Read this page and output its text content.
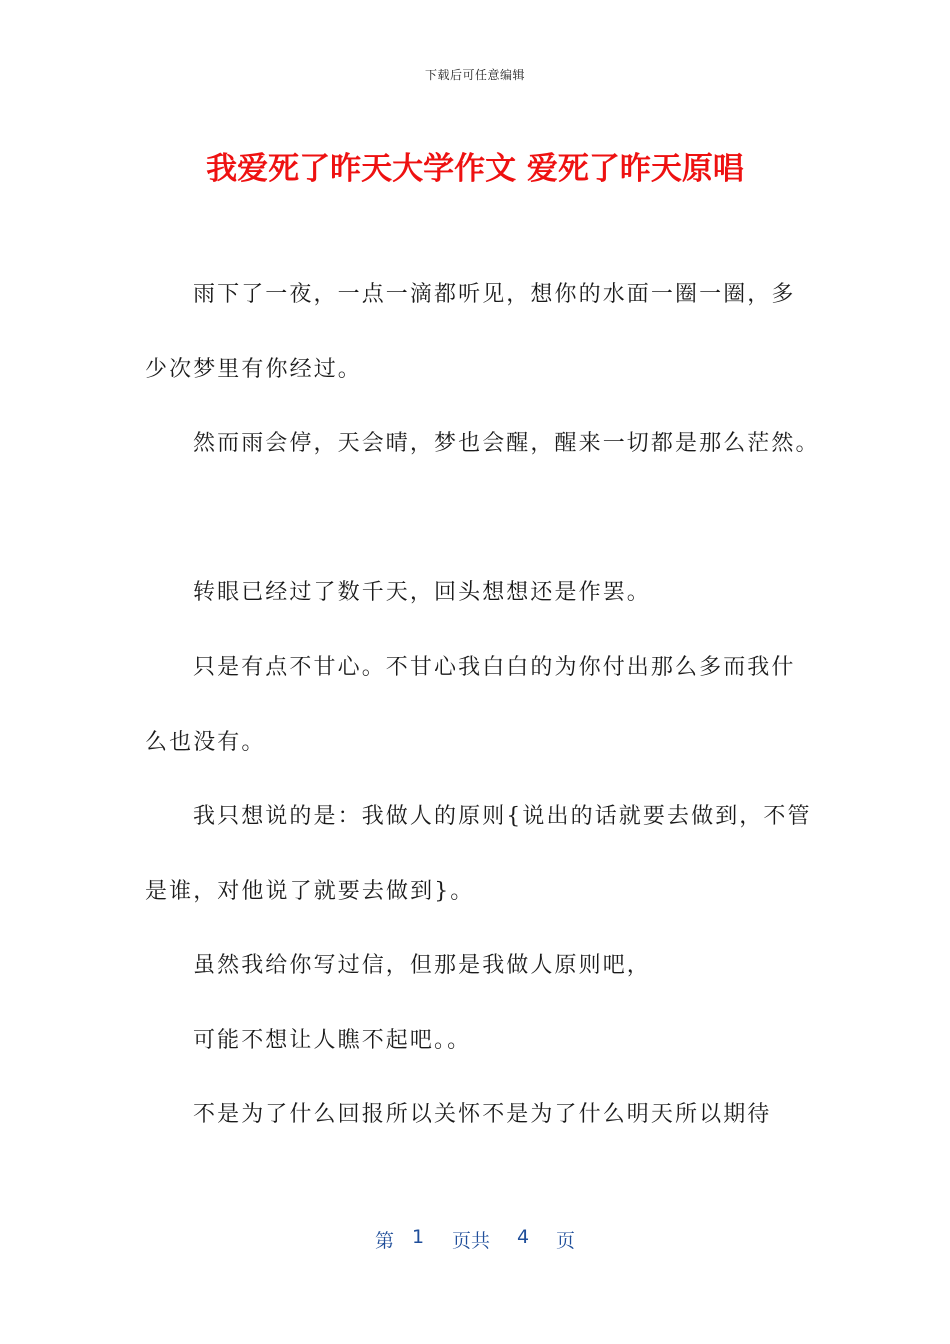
下载后可任意编辑
我爱死了昨天大学作文 爱死了昨天原唱
雨下了一夜，一点一滴都听见，想你的水面一圈一圈，多
少次梦里有你经过。
然而雨会停，天会晴，梦也会醒，醒来一切都是那么茫然。
转眼已经过了数千天，回头想想还是作罢。
只是有点不甘心。不甘心我白白的为你付出那么多而我什
么也没有。
我只想说的是：我做人的原则{说出的话就要去做到，不管
是谁，对他说了就要去做到}。
虽然我给你写过信，但那是我做人原则吧，
可能不想让人瞧不起吧。。
不是为了什么回报所以关怀不是为了什么明天所以期待
第 1 页共 4 页
